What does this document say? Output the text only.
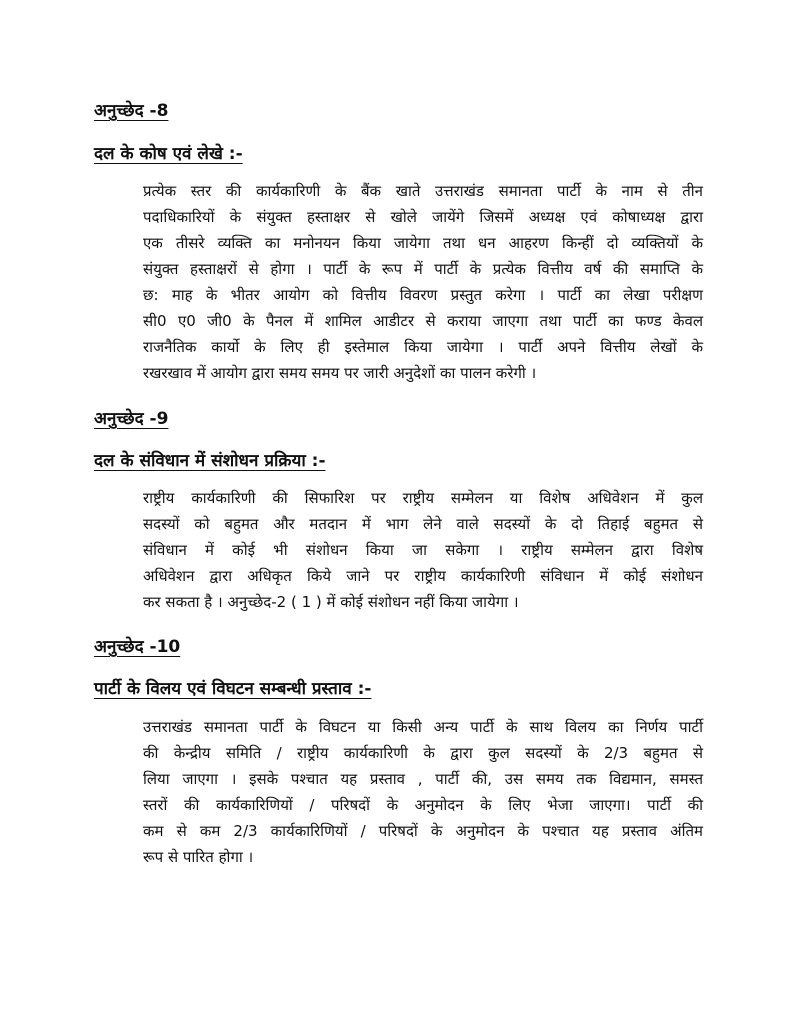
अनुच्छेद -8
दल के कोष एवं लेखे :-
प्रत्येक स्तर की कार्यकारिणी के बैंक खाते उत्तराखंड समानता पार्टी के नाम से तीन
पदाधिकारियों के संयुक्त हस्ताक्षर से खोले जायेंगे जिसमें अध्यक्ष एवं कोषाध्यक्ष द्वारा
एक तीसरे व्यक्ति का मनोनयन किया जायेगा तथा धन आहरण किन्हीं दो व्यक्तियों के
संयुक्त हस्ताक्षरों से होगा । पार्टी के रूप में पार्टी के प्रत्येक वित्तीय वर्ष की समाप्ति के
छ: माह के भीतर आयोग को वित्तीय विवरण प्रस्तुत करेगा । पार्टी का लेखा परीक्षण
सी0 ए0 जी0 के पैनल में शामिल आडीटर से कराया जाएगा तथा पार्टी का फण्ड केवल
राजनैतिक कार्यो के लिए ही इस्तेमाल किया जायेगा । पार्टी अपने वित्तीय लेखों के
रखरखाव में आयोग द्वारा समय समय पर जारी अनुदेशों का पालन करेगी ।
अनुच्छेद -9
दल के संविधान में संशोधन प्रक्रिया :-
राष्ट्रीय कार्यकारिणी की सिफारिश पर राष्ट्रीय सम्मेलन या विशेष अधिवेशन में कुल
सदस्यों को बहुमत और मतदान में भाग लेने वाले सदस्यों के दो तिहाई बहुमत से
संविधान में कोई भी संशोधन किया जा सकेगा । राष्ट्रीय सम्मेलन द्वारा विशेष
अधिवेशन द्वारा अधिकृत किये जाने पर राष्ट्रीय कार्यकारिणी संविधान में कोई संशोधन
कर सकता है । अनुच्छेद-2 ( 1 ) में कोई संशोधन नहीं किया जायेगा ।
अनुच्छेद -10
पार्टी के विलय एवं विघटन सम्बन्धी प्रस्ताव :-
उत्तराखंड समानता पार्टी के विघटन या किसी अन्य पार्टी के साथ विलय का निर्णय पार्टी
की केन्द्रीय समिति / राष्ट्रीय कार्यकारिणी के द्वारा कुल सदस्यों के 2/3 बहुमत से
लिया जाएगा । इसके पश्चात यह प्रस्ताव , पार्टी की, उस समय तक विद्यमान, समस्त
स्तरों की कार्यकारिणियों / परिषदों के अनुमोदन के लिए भेजा जाएगा। पार्टी की
कम से कम 2/3 कार्यकारिणियों / परिषदों के अनुमोदन के पश्चात यह प्रस्ताव अंतिम
रूप से पारित होगा ।
